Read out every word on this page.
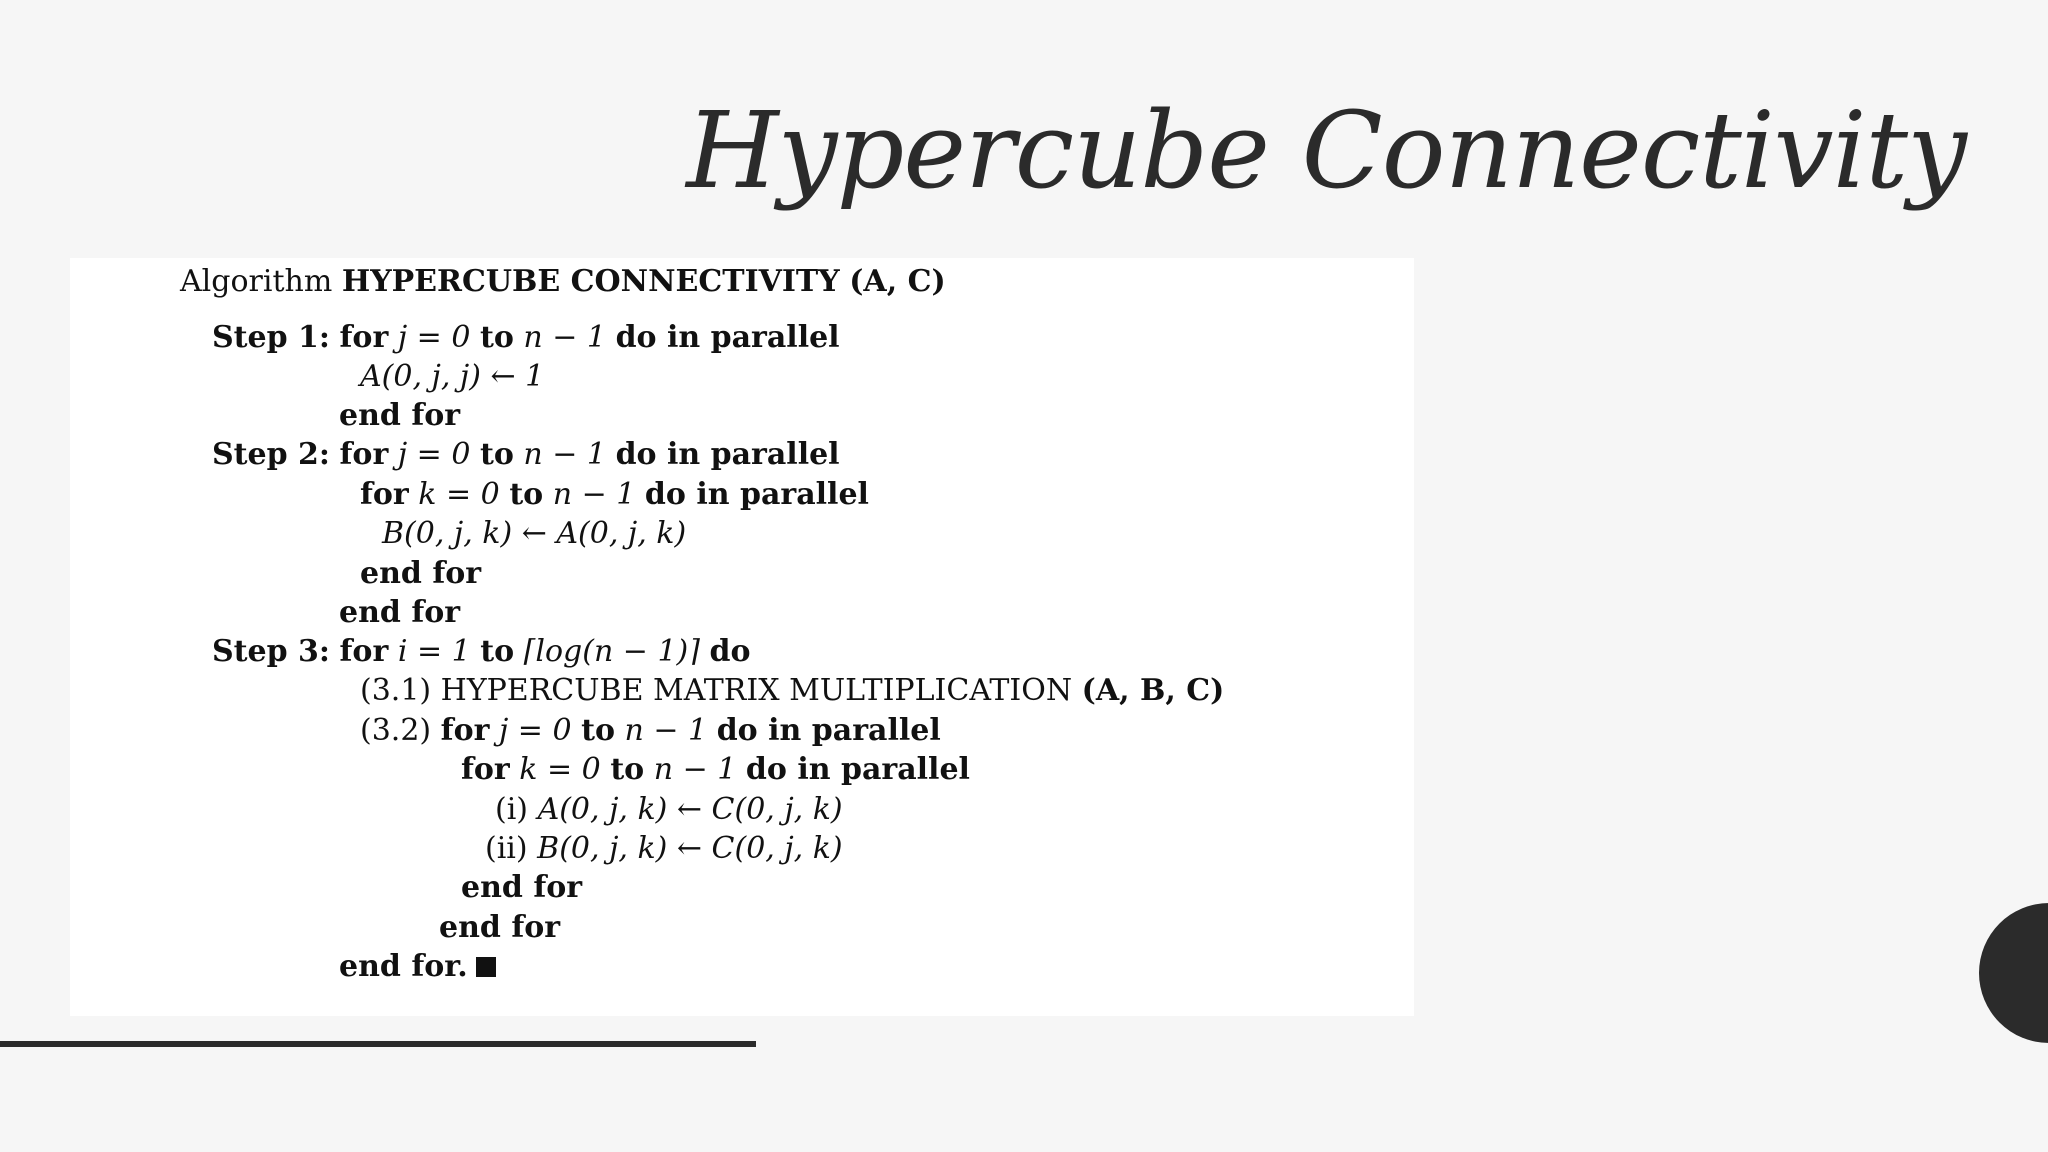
Hypercube Connectivity
Algorithm HYPERCUBE CONNECTIVITY (A, C)
Step 1: for j = 0 to n − 1 do in parallel
A(0, j, j) ← 1
end for
Step 2: for j = 0 to n − 1 do in parallel
for k = 0 to n − 1 do in parallel
B(0, j, k) ← A(0, j, k)
end for
end for
Step 3: for i = 1 to ⌈log(n − 1)⌉ do
(3.1) HYPERCUBE MATRIX MULTIPLICATION (A, B, C)
(3.2) for j = 0 to n − 1 do in parallel
for k = 0 to n − 1 do in parallel
(i) A(0, j, k) ← C(0, j, k)
(ii) B(0, j, k) ← C(0, j, k)
end for
end for
end for.
